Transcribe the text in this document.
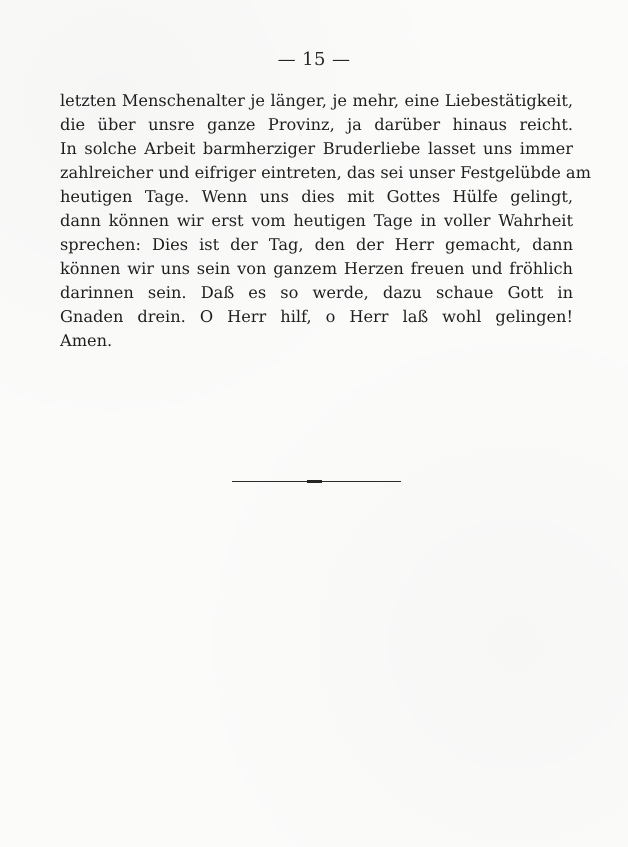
— 15 —
letzten Menschenalter je länger, je mehr, eine Liebestätigkeit,
die über unsre ganze Provinz, ja darüber hinaus reicht.
In solche Arbeit barmherziger Bruderliebe lasset uns immer
zahlreicher und eifriger eintreten, das sei unser Festgelübde am
heutigen Tage. Wenn uns dies mit Gottes Hülfe gelingt,
dann können wir erst vom heutigen Tage in voller Wahrheit
sprechen: Dies ist der Tag, den der Herr gemacht, dann
können wir uns sein von ganzem Herzen freuen und fröhlich
darinnen sein. Daß es so werde, dazu schaue Gott in
Gnaden drein. O Herr hilf, o Herr laß wohl gelingen!
Amen.
